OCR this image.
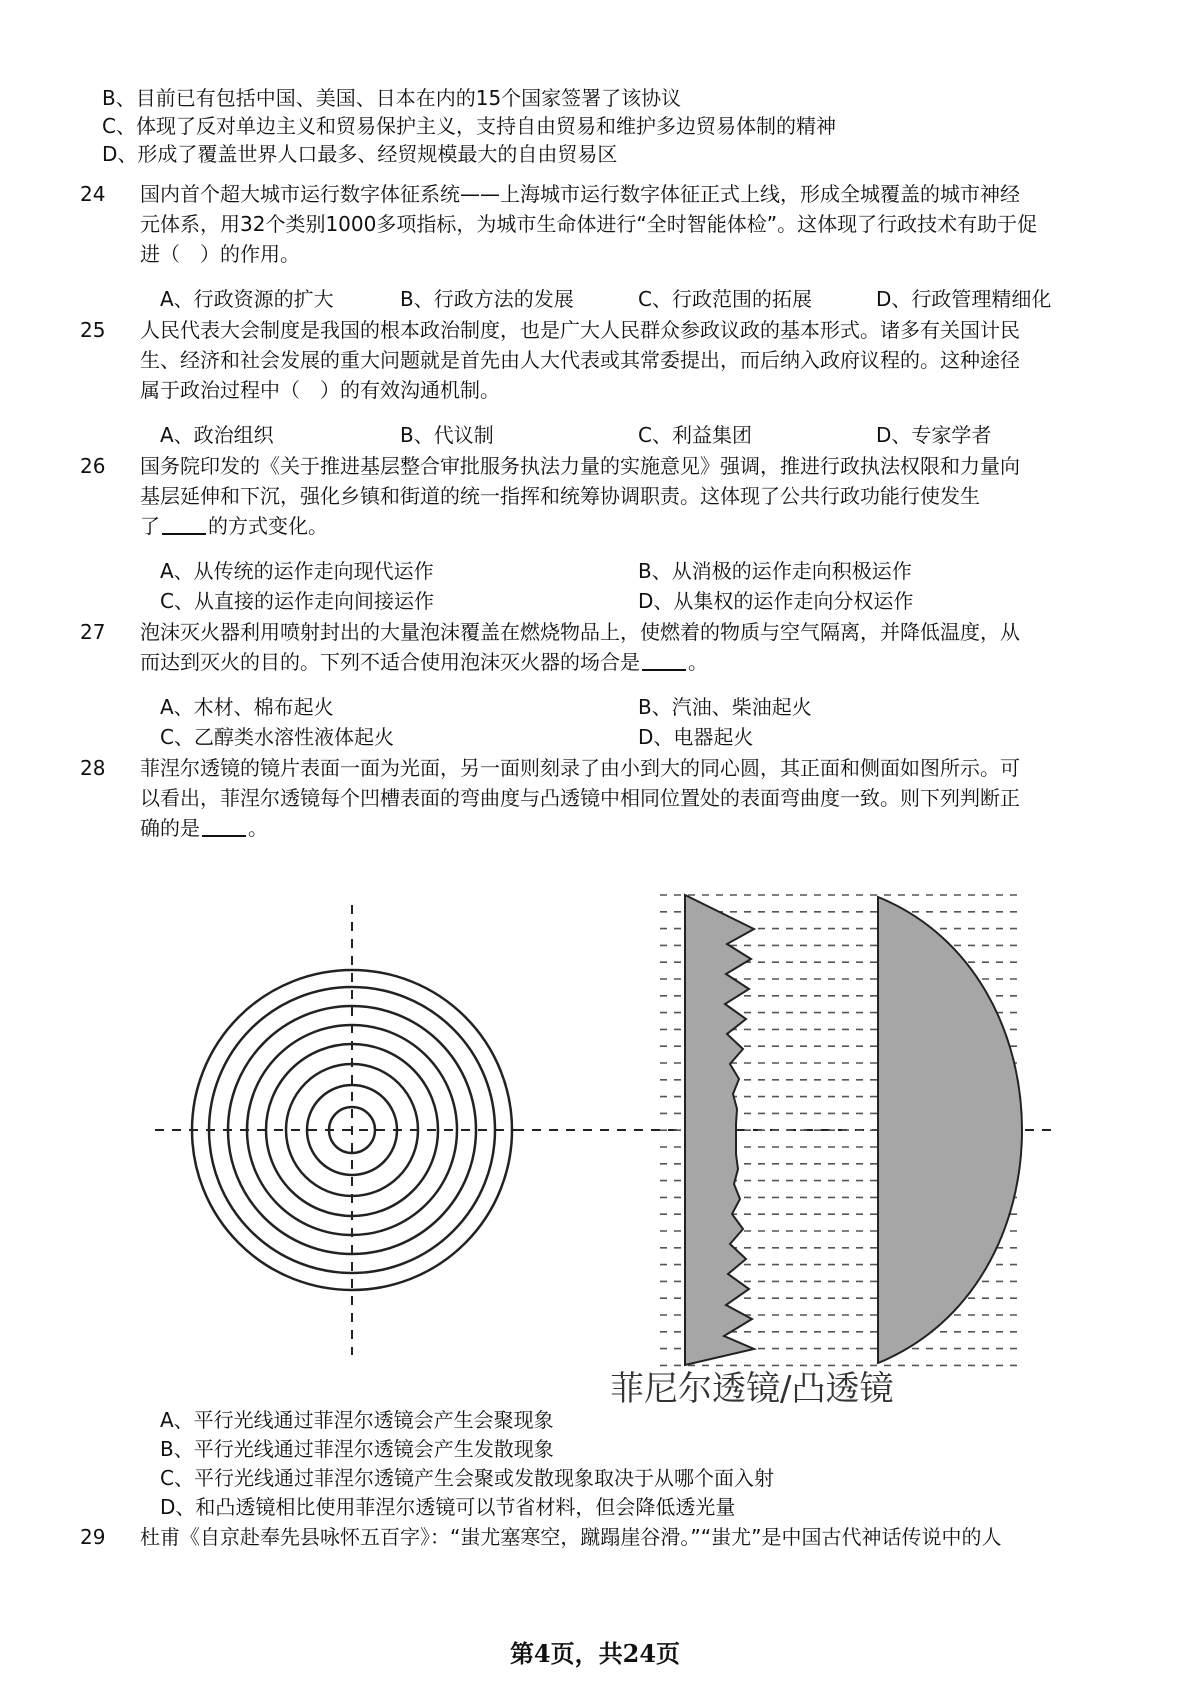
B、目前已有包括中国、美国、日本在内的15个国家签署了该协议
C、体现了反对单边主义和贸易保护主义，支持自由贸易和维护多边贸易体制的精神
D、形成了覆盖世界人口最多、经贸规模最大的自由贸易区
24 国内首个超大城市运行数字体征系统——上海城市运行数字体征正式上线，形成全城覆盖的城市神经
元体系，用32个类别1000多项指标，为城市生命体进行“全时智能体检”。这体现了行政技术有助于促
进（　）的作用。
A、行政资源的扩大	B、行政方法的发展	C、行政范围的拓展	D、行政管理精细化
25 人民代表大会制度是我国的根本政治制度，也是广大人民群众参政议政的基本形式。诸多有关国计民
生、经济和社会发展的重大问题就是首先由人大代表或其常委提出，而后纳入政府议程的。这种途径
属于政治过程中（　）的有效沟通机制。
A、政治组织	B、代议制	C、利益集团	D、专家学者
26 国务院印发的《关于推进基层整合审批服务执法力量的实施意见》强调，推进行政执法权限和力量向
基层延伸和下沉，强化乡镇和街道的统一指挥和统筹协调职责。这体现了公共行政功能行使发生
了 的方式变化。
A、从传统的运作走向现代运作	B、从消极的运作走向积极运作
C、从直接的运作走向间接运作	D、从集权的运作走向分权运作
27 泡沫灭火器利用喷射封出的大量泡沫覆盖在燃烧物品上，使燃着的物质与空气隔离，并降低温度，从
而达到灭火的目的。下列不适合使用泡沫灭火器的场合是 。
A、木材、棉布起火	B、汽油、柴油起火
C、乙醇类水溶性液体起火	D、电器起火
28 菲涅尔透镜的镜片表面一面为光面，另一面则刻录了由小到大的同心圆，其正面和侧面如图所示。可
以看出，菲涅尔透镜每个凹槽表面的弯曲度与凸透镜中相同位置处的表面弯曲度一致。则下列判断正
确的是 。
菲尼尔透镜/凸透镜
A、平行光线通过菲涅尔透镜会产生会聚现象
B、平行光线通过菲涅尔透镜会产生发散现象
C、平行光线通过菲涅尔透镜产生会聚或发散现象取决于从哪个面入射
D、和凸透镜相比使用菲涅尔透镜可以节省材料，但会降低透光量
29 杜甫《自京赴奉先县咏怀五百字》：“蚩尤塞寒空，蹴蹋崖谷滑。”“蚩尤”是中国古代神话传说中的人
第4页，共24页
